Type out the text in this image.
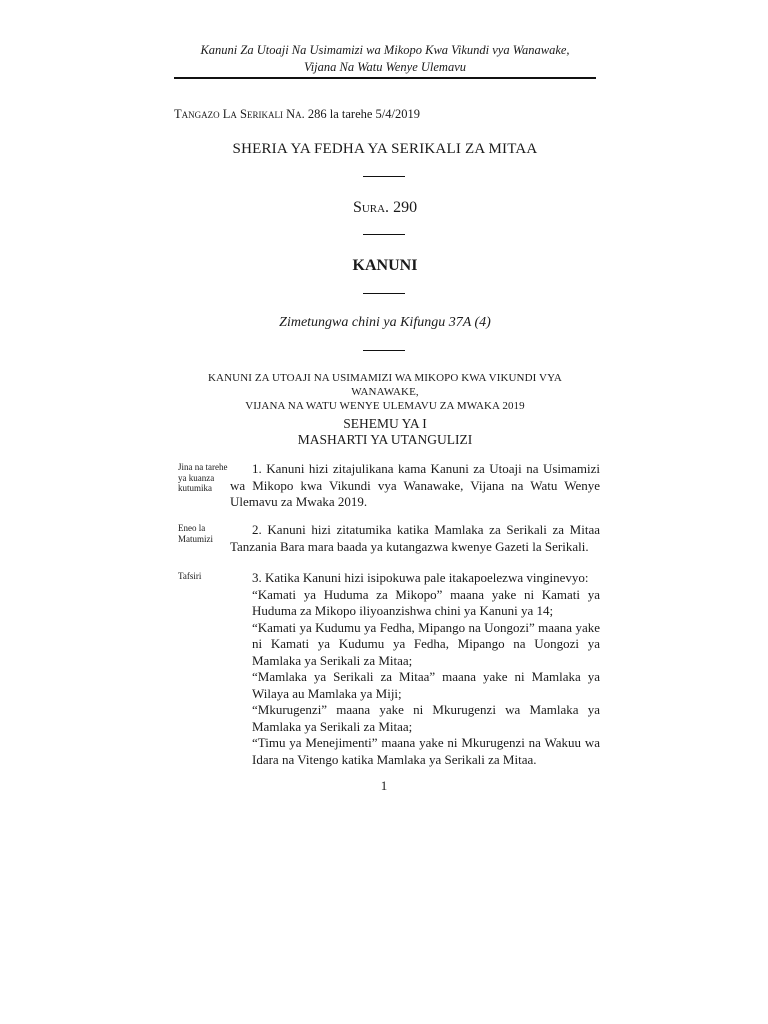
Kanuni Za Utoaji Na Usimamizi wa Mikopo Kwa Vikundi vya Wanawake,
Vijana Na Watu Wenye Ulemavu
Tangazo La Serikali Na. 286 la tarehe 5/4/2019
SHERIA YA FEDHA YA SERIKALI ZA MITAA
Sura. 290
KANUNI
Zimetungwa chini ya Kifungu 37A (4)
KANUNI ZA UTOAJI NA USIMAMIZI WA MIKOPO KWA VIKUNDI VYA WANAWAKE,
VIJANA NA WATU WENYE ULEMAVU ZA MWAKA 2019
SEHEMU YA I
MASHARTI YA UTANGULIZI
Jina na tarehe ya kuanza kutumika
1. Kanuni hizi zitajulikana kama Kanuni za Utoaji na Usimamizi wa Mikopo kwa Vikundi vya Wanawake, Vijana na Watu Wenye Ulemavu za Mwaka 2019.
Eneo la Matumizi
2. Kanuni hizi zitatumika katika Mamlaka za Serikali za Mitaa Tanzania Bara mara baada ya kutangazwa kwenye Gazeti la Serikali.
Tafsiri	3. Katika Kanuni hizi isipokuwa pale itakapoelezwa vinginevyo:

“Kamati ya Huduma za Mikopo” maana yake ni Kamati ya Huduma za Mikopo iliyoanzishwa chini ya Kanuni ya 14;

“Kamati ya Kudumu ya Fedha, Mipango na Uongozi” maana yake ni Kamati ya Kudumu ya Fedha, Mipango na Uongozi ya Mamlaka ya Serikali za Mitaa;

“Mamlaka ya Serikali za Mitaa” maana yake ni Mamlaka ya Wilaya au Mamlaka ya Miji;

“Mkurugenzi” maana yake ni Mkurugenzi wa Mamlaka ya Mamlaka ya Serikali za Mitaa;

“Timu ya Menejimenti” maana yake ni Mkurugenzi na Wakuu wa Idara na Vitengo katika Mamlaka ya Serikali za Mitaa.

1
